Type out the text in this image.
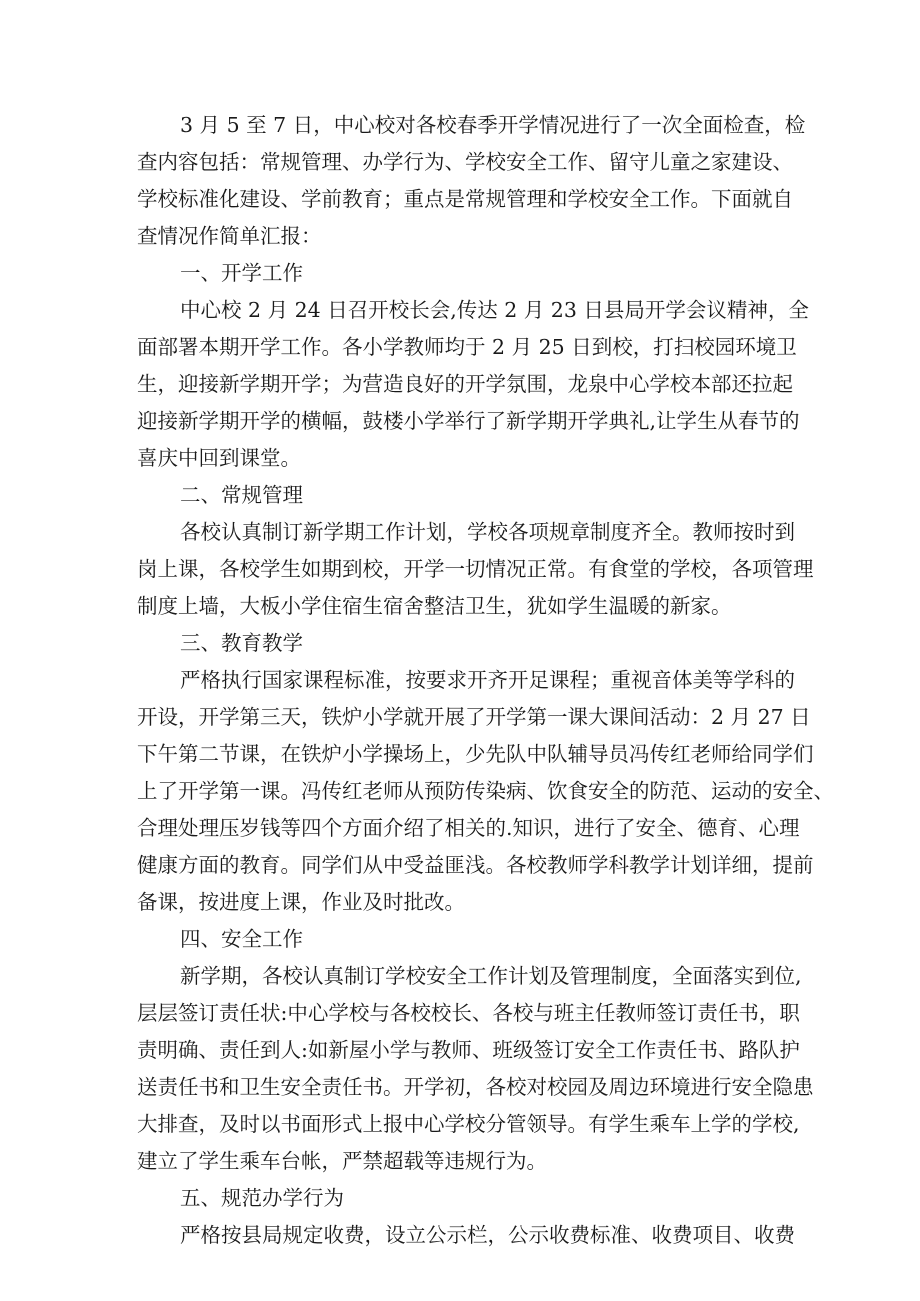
3 月 5 至 7 日，中心校对各校春季开学情况进行了一次全面检查，检
查内容包括：常规管理、办学行为、学校安全工作、留守儿童之家建设、
学校标准化建设、学前教育；重点是常规管理和学校安全工作。下面就自
查情况作简单汇报：
一、开学工作
中心校 2 月 24 日召开校长会,传达 2 月 23 日县局开学会议精神，全
面部署本期开学工作。各小学教师均于 2 月 25 日到校，打扫校园环境卫
生，迎接新学期开学；为营造良好的开学氛围，龙泉中心学校本部还拉起
迎接新学期开学的横幅，鼓楼小学举行了新学期开学典礼,让学生从春节的
喜庆中回到课堂。
二、常规管理
各校认真制订新学期工作计划，学校各项规章制度齐全。教师按时到
岗上课，各校学生如期到校，开学一切情况正常。有食堂的学校，各项管理
制度上墙，大板小学住宿生宿舍整洁卫生，犹如学生温暖的新家。
三、教育教学
严格执行国家课程标准，按要求开齐开足课程；重视音体美等学科的
开设，开学第三天，铁炉小学就开展了开学第一课大课间活动：2 月 27 日
下午第二节课，在铁炉小学操场上，少先队中队辅导员冯传红老师给同学们
上了开学第一课。冯传红老师从预防传染病、饮食安全的防范、运动的安全、
合理处理压岁钱等四个方面介绍了相关的.知识，进行了安全、德育、心理
健康方面的教育。同学们从中受益匪浅。各校教师学科教学计划详细，提前
备课，按进度上课，作业及时批改。
四、安全工作
新学期，各校认真制订学校安全工作计划及管理制度，全面落实到位,
层层签订责任状:中心学校与各校校长、各校与班主任教师签订责任书，职
责明确、责任到人:如新屋小学与教师、班级签订安全工作责任书、路队护
送责任书和卫生安全责任书。开学初，各校对校园及周边环境进行安全隐患
大排查，及时以书面形式上报中心学校分管领导。有学生乘车上学的学校,
建立了学生乘车台帐，严禁超载等违规行为。
五、规范办学行为
严格按县局规定收费，设立公示栏，公示收费标准、收费项目、收费
